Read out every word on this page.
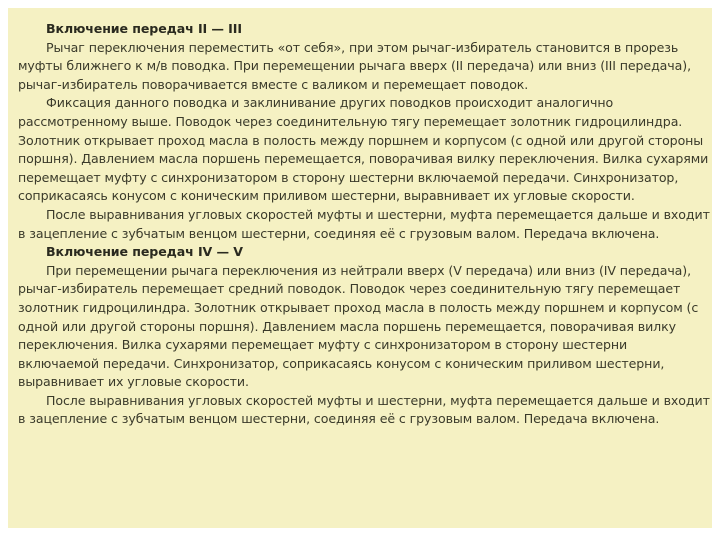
Включение передач II — III

Рычаг переключения переместить «от себя», при этом рычаг-избиратель становится в прорезь муфты ближнего к м/в поводка. При перемещении рычага вверх (II передача) или вниз (III передача), рычаг-избиратель поворачивается вместе с валиком и перемещает поводок.

Фиксация данного поводка и заклинивание других поводков происходит аналогично рассмотренному выше. Поводок через соединительную тягу перемещает золотник гидроцилиндра. Золотник открывает проход масла в полость между поршнем и корпусом (с одной или другой стороны поршня). Давлением масла поршень перемещается, поворачивая вилку переключения. Вилка сухарями перемещает муфту с синхронизатором в сторону шестерни включаемой передачи. Синхронизатор, соприкасаясь конусом с коническим приливом шестерни, выравнивает их угловые скорости.

После выравнивания угловых скоростей муфты и шестерни, муфта перемещается дальше и входит в зацепление с зубчатым венцом шестерни, соединяя её с грузовым валом. Передача включена.

Включение передач IV — V

При перемещении рычага переключения из нейтрали вверх (V передача) или вниз (IV передача), рычаг-избиратель перемещает средний поводок. Поводок через соединительную тягу перемещает золотник гидроцилиндра. Золотник открывает проход масла в полость между поршнем и корпусом (с одной или другой стороны поршня). Давлением масла поршень перемещается, поворачивая вилку переключения. Вилка сухарями перемещает муфту с синхронизатором в сторону шестерни включаемой передачи. Синхронизатор, соприкасаясь конусом с коническим приливом шестерни, выравнивает их угловые скорости.

После выравнивания угловых скоростей муфты и шестерни, муфта перемещается дальше и входит в зацепление с зубчатым венцом шестерни, соединяя её с грузовым валом. Передача включена.
